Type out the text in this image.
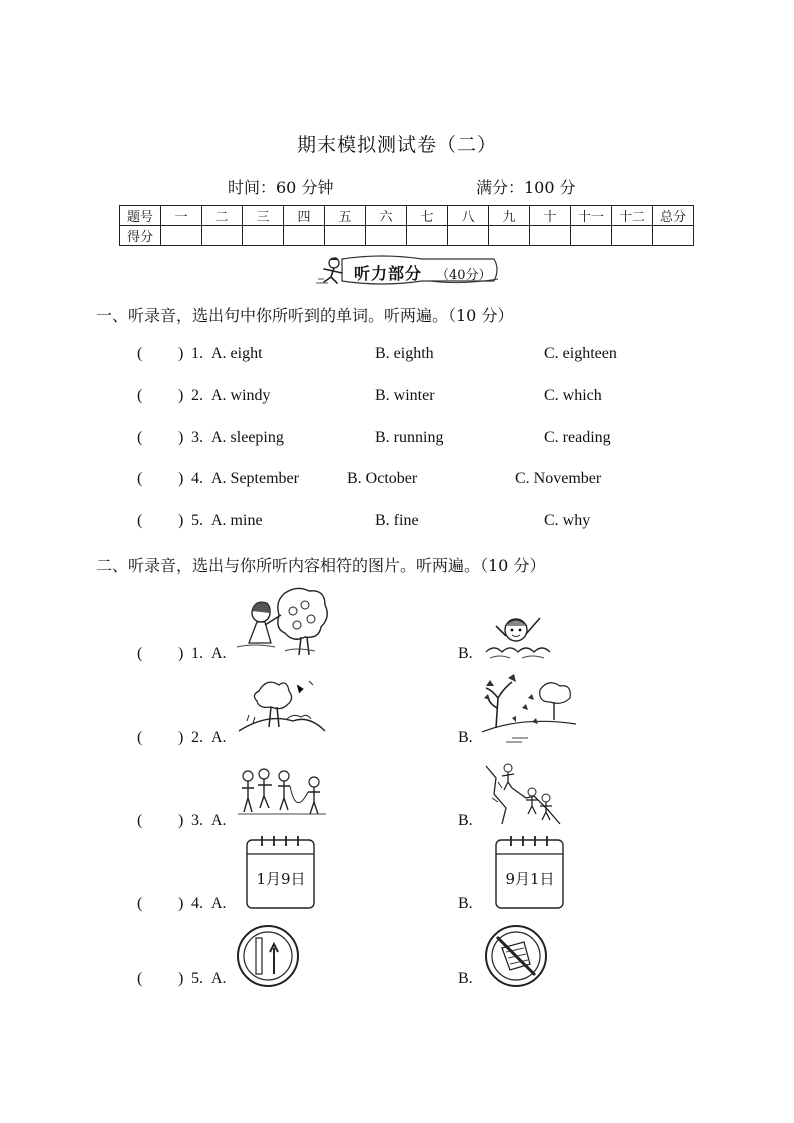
期末模拟测试卷（二）
时间：60 分钟	满分：100 分
题号	一	二	三	四	五	六	七	八	九	十	十一	十二	总分
得分													
听力部分 （40分）
一、听录音，选出句中你所听到的单词。听两遍。（10 分）
( ) 1. A. eight	B. eighth	C. eighteen
( ) 2. A. windy	B. winter	C. which
( ) 3. A. sleeping	B. running	C. reading
( ) 4. A. September	B. October	C. November
( ) 5. A. mine	B. fine	C. why
二、听录音，选出与你所听内容相符的图片。听两遍。（10 分）
( ) 1. A.	B.
( ) 2. A.	B.
( ) 3. A.	B.
( ) 4. A.
1月9日
B.
9月1日
( ) 5. A.	B.
